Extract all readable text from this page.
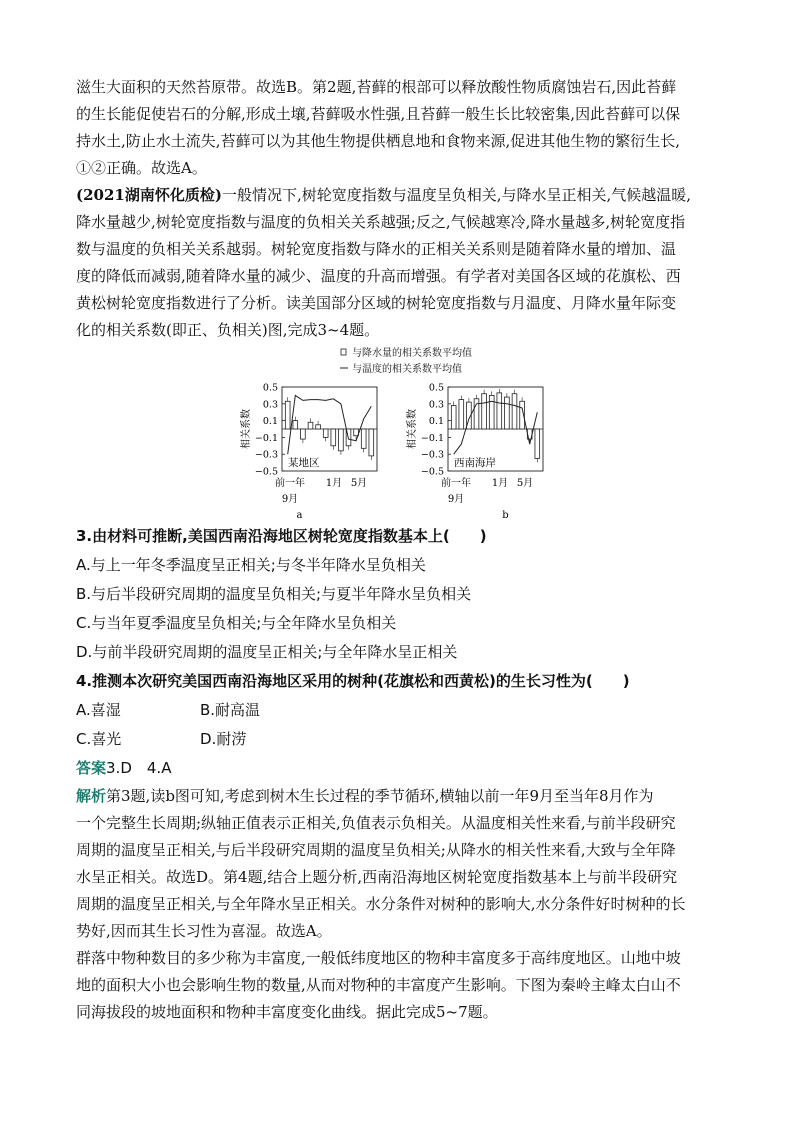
滋生大面积的天然苔原带。故选B。第2题,苔藓的根部可以释放酸性物质腐蚀岩石,因此苔藓

的生长能促使岩石的分解,形成土壤,苔藓吸水性强,且苔藓一般生长比较密集,因此苔藓可以保

持水土,防止水土流失,苔藓可以为其他生物提供栖息地和食物来源,促进其他生物的繁衍生长,

①②正确。故选A。

(2021湖南怀化质检)一般情况下,树轮宽度指数与温度呈负相关,与降水呈正相关,气候越温暖,

降水量越少,树轮宽度指数与温度的负相关关系越强;反之,气候越寒冷,降水量越多,树轮宽度指

数与温度的负相关关系越弱。树轮宽度指数与降水的正相关关系则是随着降水量的增加、温

度的降低而减弱,随着降水量的减少、温度的升高而增强。有学者对美国各区域的花旗松、西

黄松树轮宽度指数进行了分析。读美国部分区域的树轮宽度指数与月温度、月降水量年际变

化的相关系数(即正、负相关)图,完成3~4题。

与降水量的相关系数平均值
与温度的相关系数平均值
相关系数
0.5
0.3
0.1
−0.1
−0.3
−0.5
某地区
前一年 1月 5月
9月
a
相关系数
0.5
0.3
0.1
−0.1
−0.3
−0.5
西南海岸
前一年 1月 5月
9月
b

3.由材料可推断,美国西南沿海地区树轮宽度指数基本上(　　)

A.与上一年冬季温度呈正相关;与冬半年降水呈负相关

B.与后半段研究周期的温度呈负相关;与夏半年降水呈负相关

C.与当年夏季温度呈负相关;与全年降水呈负相关

D.与前半段研究周期的温度呈正相关;与全年降水呈正相关

4.推测本次研究美国西南沿海地区采用的树种(花旗松和西黄松)的生长习性为(　　)

A.喜湿	B.耐高温

C.喜光	D.耐涝

答案3.D　4.A

解析第3题,读b图可知,考虑到树木生长过程的季节循环,横轴以前一年9月至当年8月作为

一个完整生长周期;纵轴正值表示正相关,负值表示负相关。从温度相关性来看,与前半段研究

周期的温度呈正相关,与后半段研究周期的温度呈负相关;从降水的相关性来看,大致与全年降

水呈正相关。故选D。第4题,结合上题分析,西南沿海地区树轮宽度指数基本上与前半段研究

周期的温度呈正相关,与全年降水呈正相关。水分条件对树种的影响大,水分条件好时树种的长

势好,因而其生长习性为喜湿。故选A。

群落中物种数目的多少称为丰富度,一般低纬度地区的物种丰富度多于高纬度地区。山地中坡

地的面积大小也会影响生物的数量,从而对物种的丰富度产生影响。下图为秦岭主峰太白山不

同海拔段的坡地面积和物种丰富度变化曲线。据此完成5~7题。
